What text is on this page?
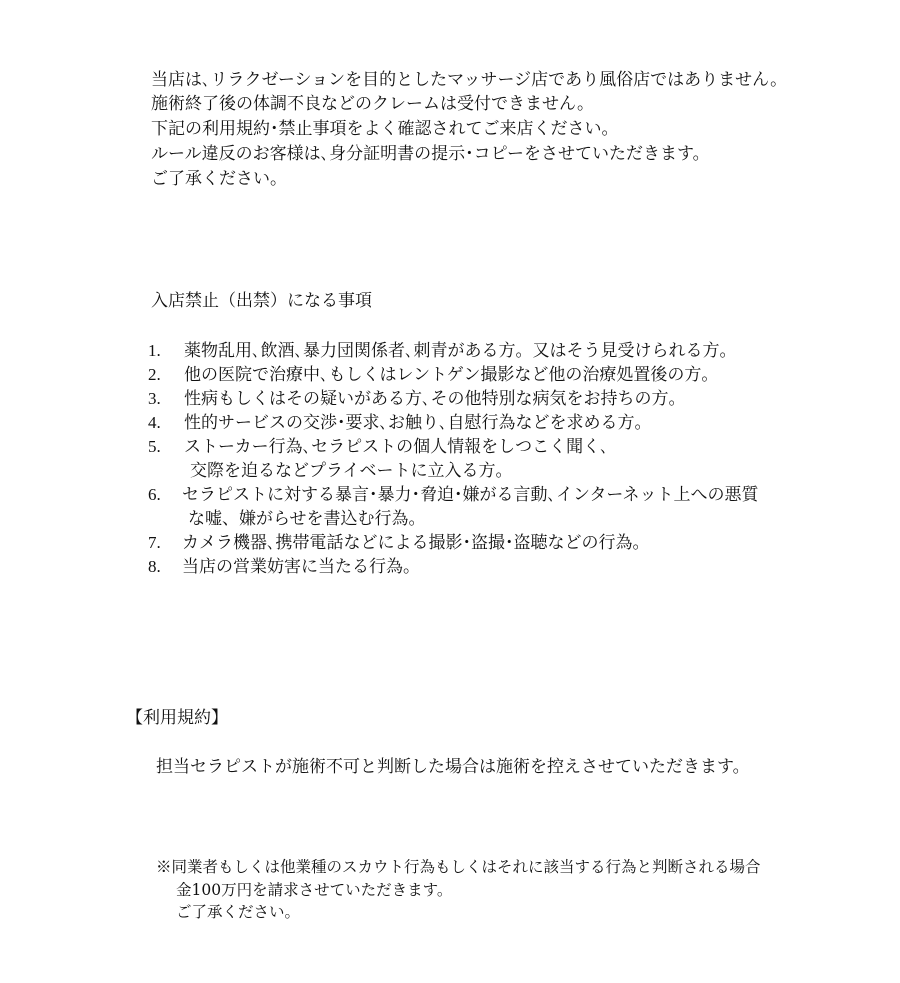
当店は､リラクゼーションを目的としたマッサージ店であり風俗店ではありません。
施術終了後の体調不良などのクレームは受付できません。
下記の利用規約･禁止事項をよく確認されてご来店ください。
ルール違反のお客様は､身分証明書の提示･コピーをさせていただきます。
ご了承ください。
入店禁止（出禁）になる事項
1. 薬物乱用､飲酒､暴力団関係者､刺青がある方。又はそう見受けられる方。
2. 他の医院で治療中､もしくはレントゲン撮影など他の治療処置後の方。
3. 性病もしくはその疑いがある方､その他特別な病気をお持ちの方。
4. 性的サービスの交渉･要求､お触り､自慰行為などを求める方。
5. ストーカー行為､セラピストの個人情報をしつこく聞く､
交際を迫るなどプライベートに立入る方。
6. セラピストに対する暴言･暴力･脅迫･嫌がる言動､インターネット上への悪質
な嘘、嫌がらせを書込む行為。
7. カメラ機器､携帯電話などによる撮影･盗撮･盗聴などの行為。
8. 当店の営業妨害に当たる行為。
【利用規約】
担当セラピストが施術不可と判断した場合は施術を控えさせていただきます。
※同業者もしくは他業種のスカウト行為もしくはそれに該当する行為と判断される場合
金100万円を請求させていただきます。
ご了承ください。
